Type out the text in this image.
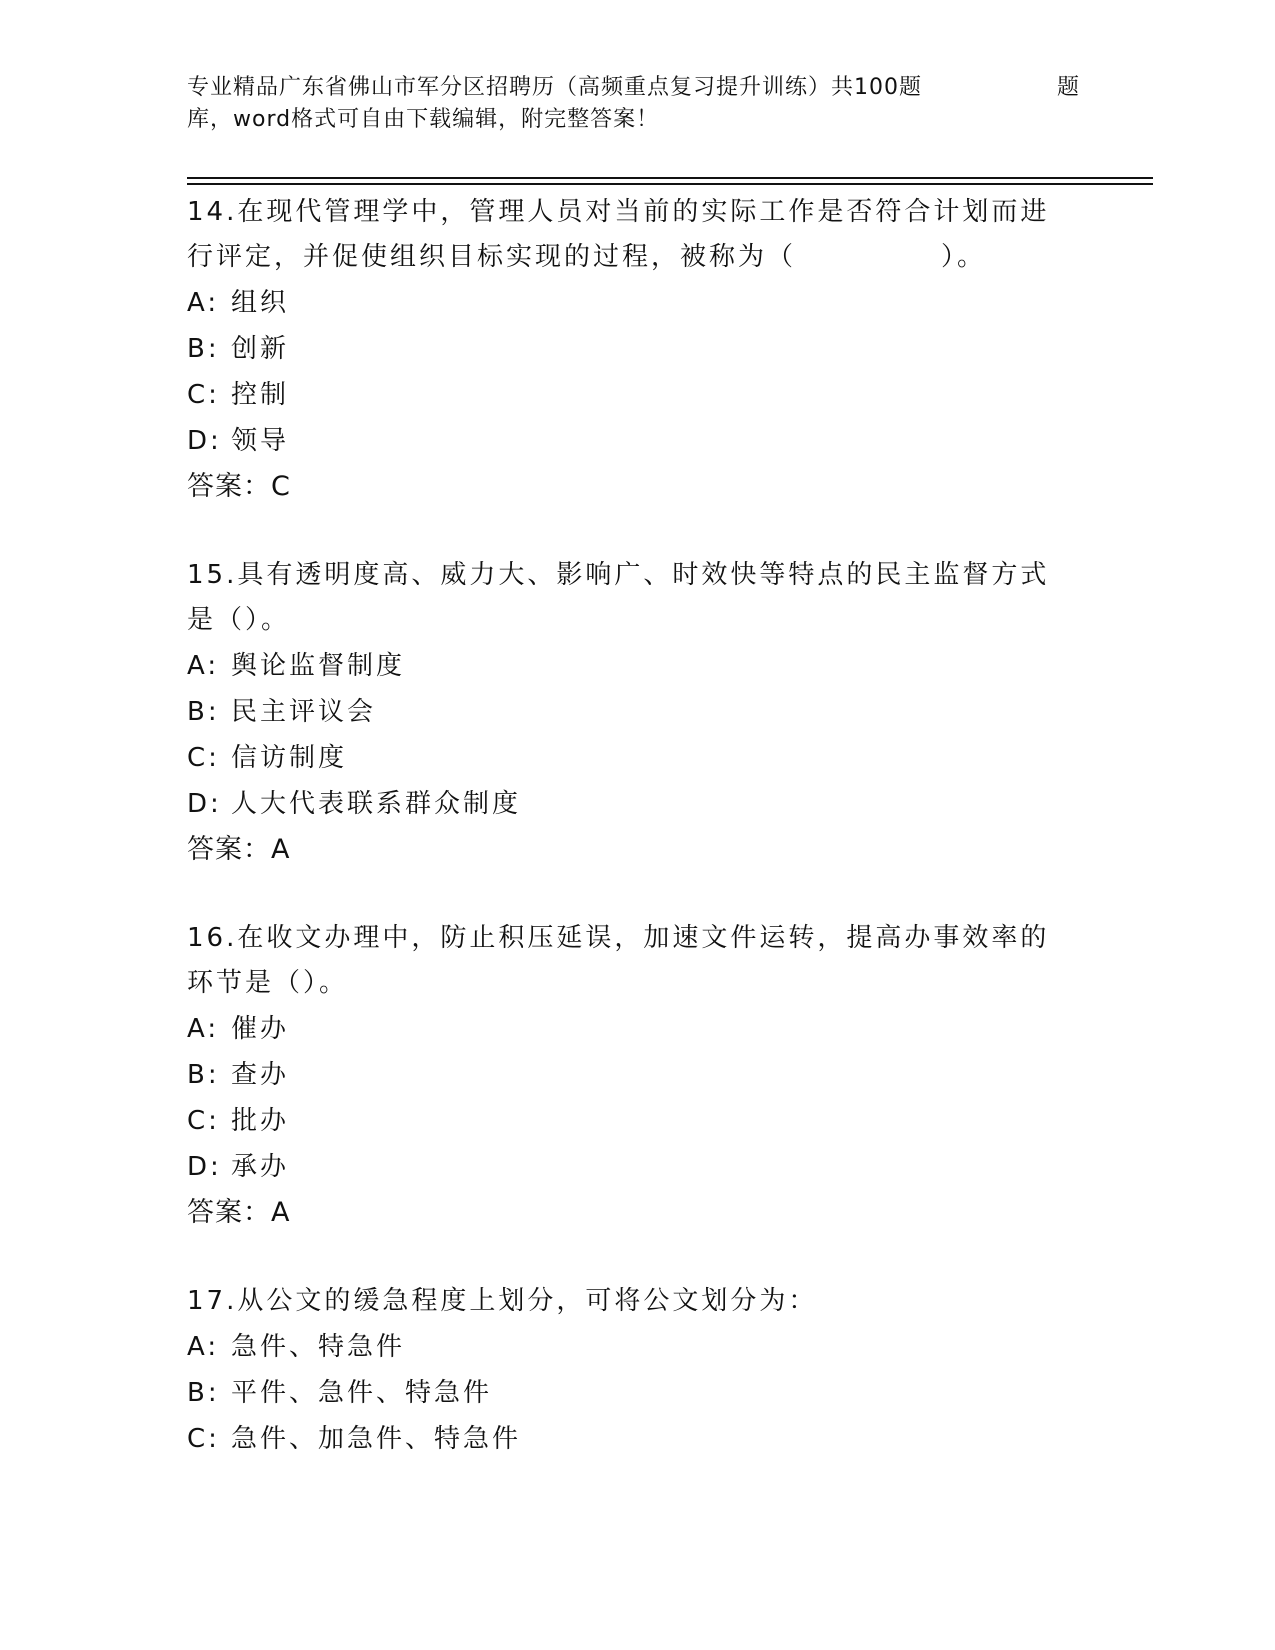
专业精品广东省佛山市军分区招聘历（高频重点复习提升训练）共100题	题
库，word格式可自由下载编辑，附完整答案！
14.在现代管理学中，管理人员对当前的实际工作是否符合计划而进行评定，并促使组织目标实现的过程，被称为（　　　　　）。
A: 组织
B: 创新
C: 控制
D: 领导
答案：C
15.具有透明度高、威力大、影响广、时效快等特点的民主监督方式是（）。
A: 舆论监督制度
B: 民主评议会
C: 信访制度
D: 人大代表联系群众制度
答案：A
16.在收文办理中，防止积压延误，加速文件运转，提高办事效率的环节是（）。
A: 催办
B: 查办
C: 批办
D: 承办
答案：A
17.从公文的缓急程度上划分，可将公文划分为：
A: 急件、特急件
B: 平件、急件、特急件
C: 急件、加急件、特急件
